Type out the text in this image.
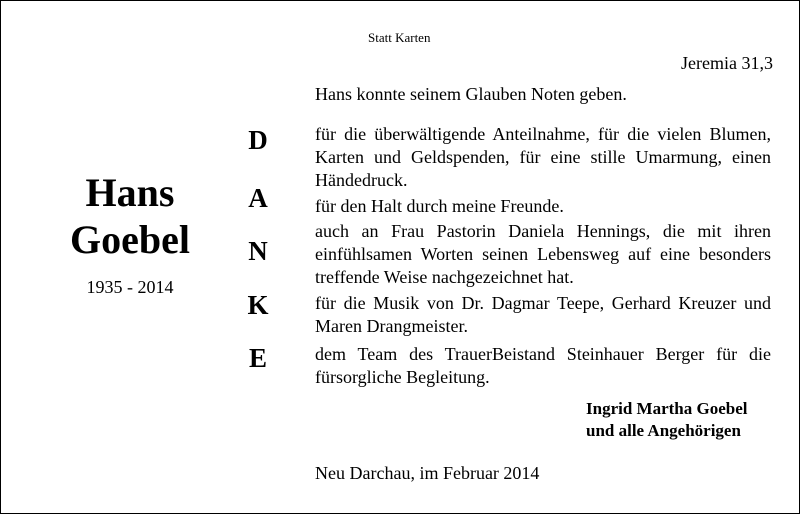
Statt Karten
Jeremia 31,3
Hans konnte seinem Glauben Noten geben.
Hans
Goebel
1935 - 2014
D
A
N
K
E
für die überwältigende Anteilnahme, für die vielen Blumen, Karten und Geldspenden, für eine stille Umarmung, einen Händedruck.
für den Halt durch meine Freunde.
auch an Frau Pastorin Daniela Hennings, die mit ihren einfühlsamen Worten seinen Lebensweg auf eine besonders treffende Weise nachgezeichnet hat.
für die Musik von Dr. Dagmar Teepe, Gerhard Kreuzer und Maren Drangmeister.
dem Team des TrauerBeistand Steinhauer Berger für die fürsorgliche Begleitung.
Ingrid Martha Goebel
und alle Angehörigen
Neu Darchau, im Februar 2014
